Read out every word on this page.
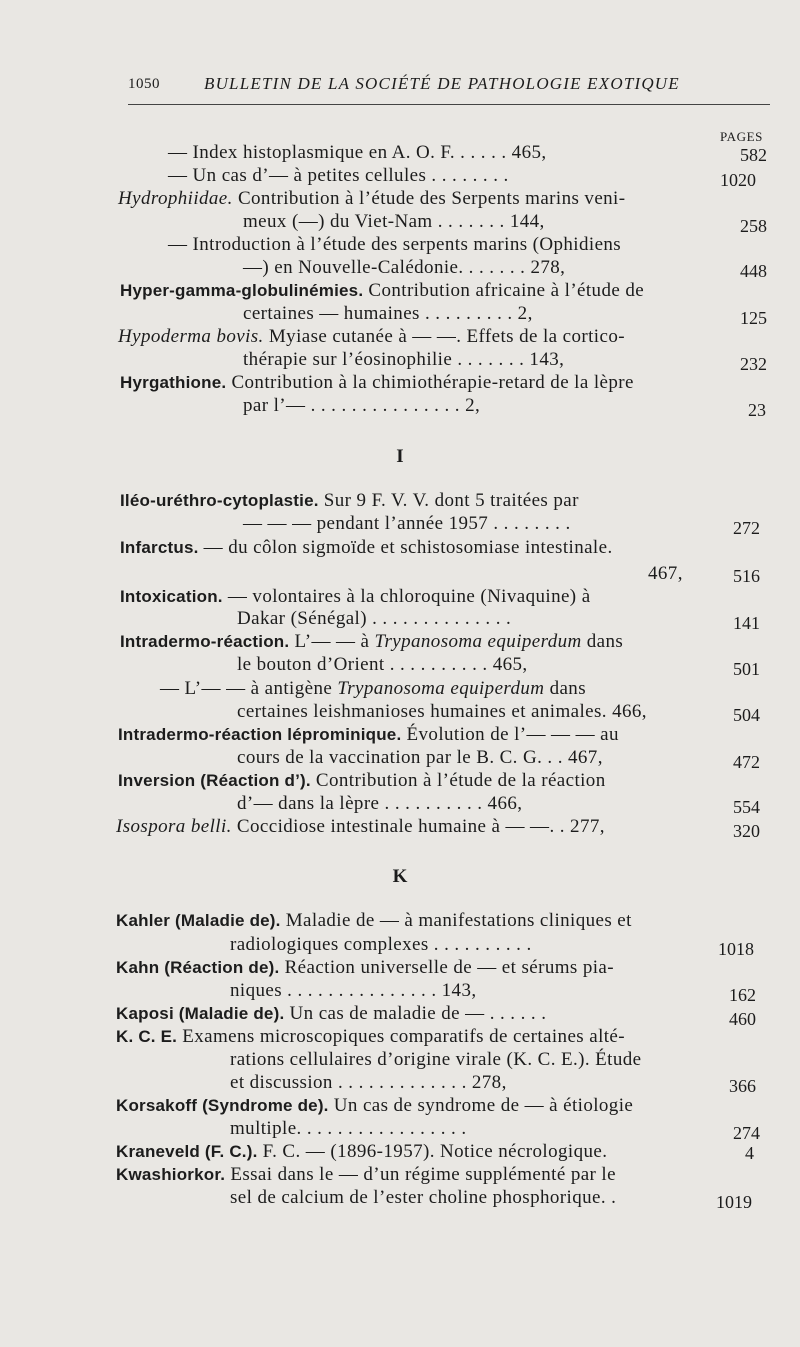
1050	BULLETIN DE LA SOCIÉTÉ DE PATHOLOGIE EXOTIQUE
PAGES
— Index histoplasmique en A. O. F. . . . . . 465,	582
— Un cas d’— à petites cellules . . . . . . . .	1020
Hydrophiidae. Contribution à l’étude des Serpents marins veni-
meux (—) du Viet-Nam . . . . . . . 144,	258
— Introduction à l’étude des serpents marins (Ophidiens
—) en Nouvelle-Calédonie. . . . . . . 278,	448
Hyper-gamma-globulinémies. Contribution africaine à l’étude de
certaines — humaines . . . . . . . . . 2,	125
Hypoderma bovis. Myiase cutanée à — —. Effets de la cortico-
thérapie sur l’éosinophilie . . . . . . . 143,	232
Hyrgathione. Contribution à la chimiothérapie-retard de la lèpre
par l’— . . . . . . . . . . . . . . . 2,	23
I
Iléo-uréthro-cytoplastie. Sur 9 F. V. V. dont 5 traitées par
— — — pendant l’année 1957 . . . . . . . .	272
Infarctus. — du côlon sigmoïde et schistosomiase intestinale.
467,	516
Intoxication. — volontaires à la chloroquine (Nivaquine) à
Dakar (Sénégal) . . . . . . . . . . . . . .	141
Intradermo-réaction. L’— — à Trypanosoma equiperdum dans
le bouton d’Orient . . . . . . . . . . 465,	501
— L’— — à antigène Trypanosoma equiperdum dans
certaines leishmanioses humaines et animales. 466,	504
Intradermo-réaction léprominique. Évolution de l’— — — au
cours de la vaccination par le B. C. G. . . 467,	472
Inversion (Réaction d’). Contribution à l’étude de la réaction
d’— dans la lèpre . . . . . . . . . . 466,	554
Isospora belli. Coccidiose intestinale humaine à — —. . 277,	320
K
Kahler (Maladie de). Maladie de — à manifestations cliniques et
radiologiques complexes . . . . . . . . . .	1018
Kahn (Réaction de). Réaction universelle de — et sérums pia-
niques . . . . . . . . . . . . . . . 143,	162
Kaposi (Maladie de). Un cas de maladie de — . . . . . .	460
K. C. E. Examens microscopiques comparatifs de certaines alté-
rations cellulaires d’origine virale (K. C. E.). Étude
et discussion . . . . . . . . . . . . . 278,	366
Korsakoff (Syndrome de). Un cas de syndrome de — à étiologie
multiple. . . . . . . . . . . . . . . . .	274
Kraneveld (F. C.). F. C. — (1896-1957). Notice nécrologique.	4
Kwashiorkor. Essai dans le — d’un régime supplémenté par le
sel de calcium de l’ester choline phosphorique. .	1019
